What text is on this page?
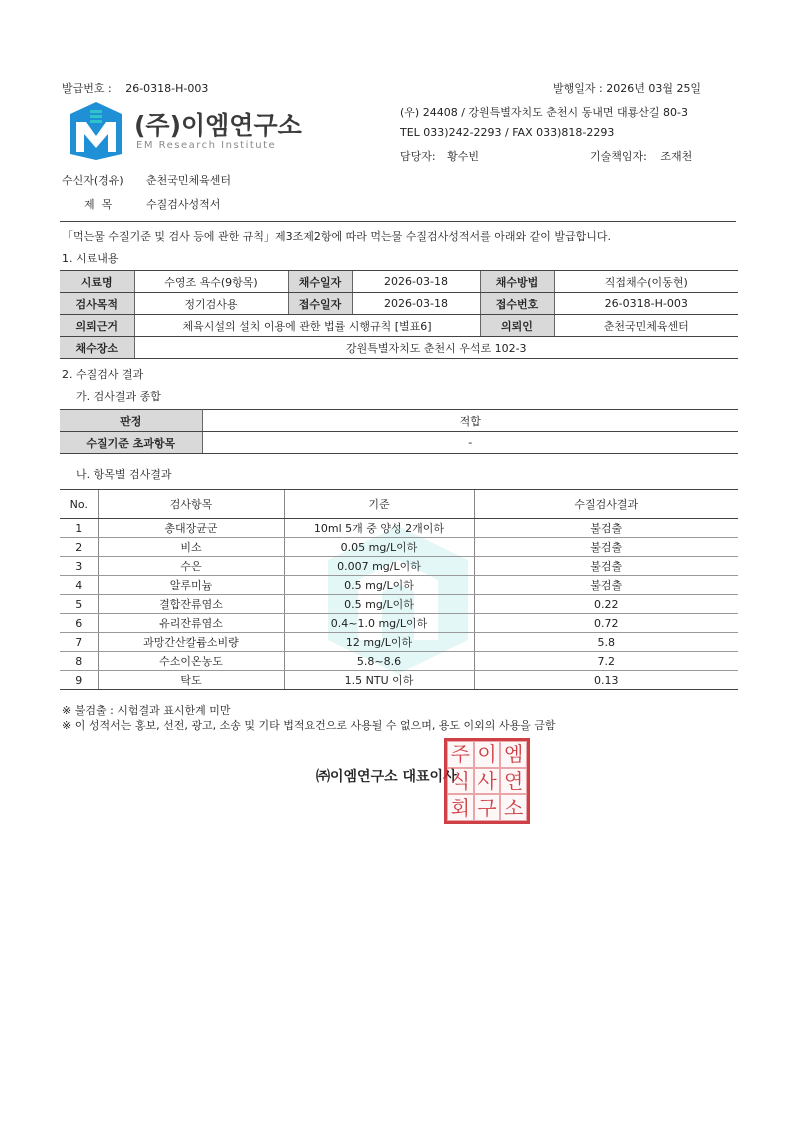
발급번호 : 26-0318-H-003	발행일자 : 2026년 03월 25일
(주)이엠연구소
EM Research Institute
(우) 24408 / 강원특별자치도 춘천시 동내면 대룡산길 80-3
TEL 033)242-2293 / FAX 033)818-2293
담당자: 황수빈	기술책임자: 조재천
수신자(경유) 춘천국민체육센터
제  목	수질검사성적서
「먹는물 수질기준 및 검사 등에 관한 규칙」제3조제2항에 따라 먹는물 수질검사성적서를 아래와 같이 발급합니다.
1. 시료내용
시료명	수영조 욕수(9항목)	채수일자	2026-03-18	채수방법	직접채수(이동현)
검사목적	정기검사용	접수일자	2026-03-18	접수번호	26-0318-H-003
의뢰근거	체육시설의 설치 이용에 관한 법률 시행규칙 [별표6]			의뢰인	춘천국민체육센터
채수장소	강원특별자치도 춘천시 우석로 102-3				
2. 수질검사 결과
가. 검사결과 종합
판정	적합
수질기준 초과항목	-
나. 항목별 검사결과
No.	검사항목	기준	수질검사결과
1	총대장균군	10ml 5개 중 양성 2개이하	불검출
2	비소	0.05 mg/L이하	불검출
3	수은	0.007 mg/L이하	불검출
4	알루미늄	0.5 mg/L이하	불검출
5	결합잔류염소	0.5 mg/L이하	0.22
6	유리잔류염소	0.4~1.0 mg/L이하	0.72
7	과망간산칼륨소비량	12 mg/L이하	5.8
8	수소이온농도	5.8~8.6	7.2
9	탁도	1.5 NTU 이하	0.13
※ 불검출 : 시험결과 표시한계 미만
※ 이 성적서는 홍보, 선전, 광고, 소송 및 기타 법적요건으로 사용될 수 없으며, 용도 이외의 사용을 금함
㈜이엠연구소 대표이사
주 이 엠
식 사 연
회 구 소
